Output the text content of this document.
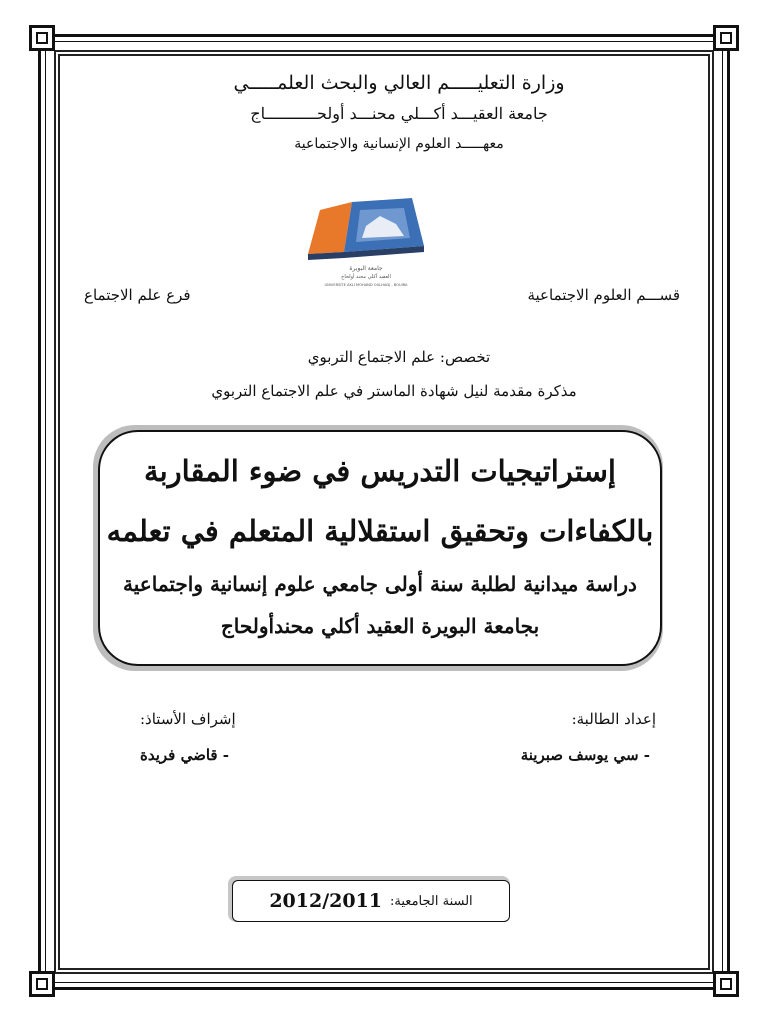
وزارة التعليـــــم العالي والبحث العلمـــــي
جامعة العقيـــد أكـــلي محنـــد أولحـــــــــــاج
معهـــــد العلوم الإنسانية والاجتماعية
جامعة البويرة
العقيد آكلي محند أولحاج
UNIVERSITE AKLI MOHAND OULHADJ - BOUIRA
قســـم العلوم الاجتماعية
فرع علم الاجتماع
تخصص: علم الاجتماع التربوي
مذكرة مقدمة لنيل شهادة الماستر في علم الاجتماع التربوي
إستراتيجيات التدريس في ضوء المقاربة
بالكفاءات وتحقيق استقلالية المتعلم في تعلمه
دراسة ميدانية لطلبة سنة أولى جامعي علوم إنسانية واجتماعية
بجامعة البويرة العقيد أكلي محندأولحاج
إعداد الطالبة:
- سي يوسف صبرينة
إشراف الأستاذ:
- قاضي فريدة
السنة الجامعية:
2012/2011
